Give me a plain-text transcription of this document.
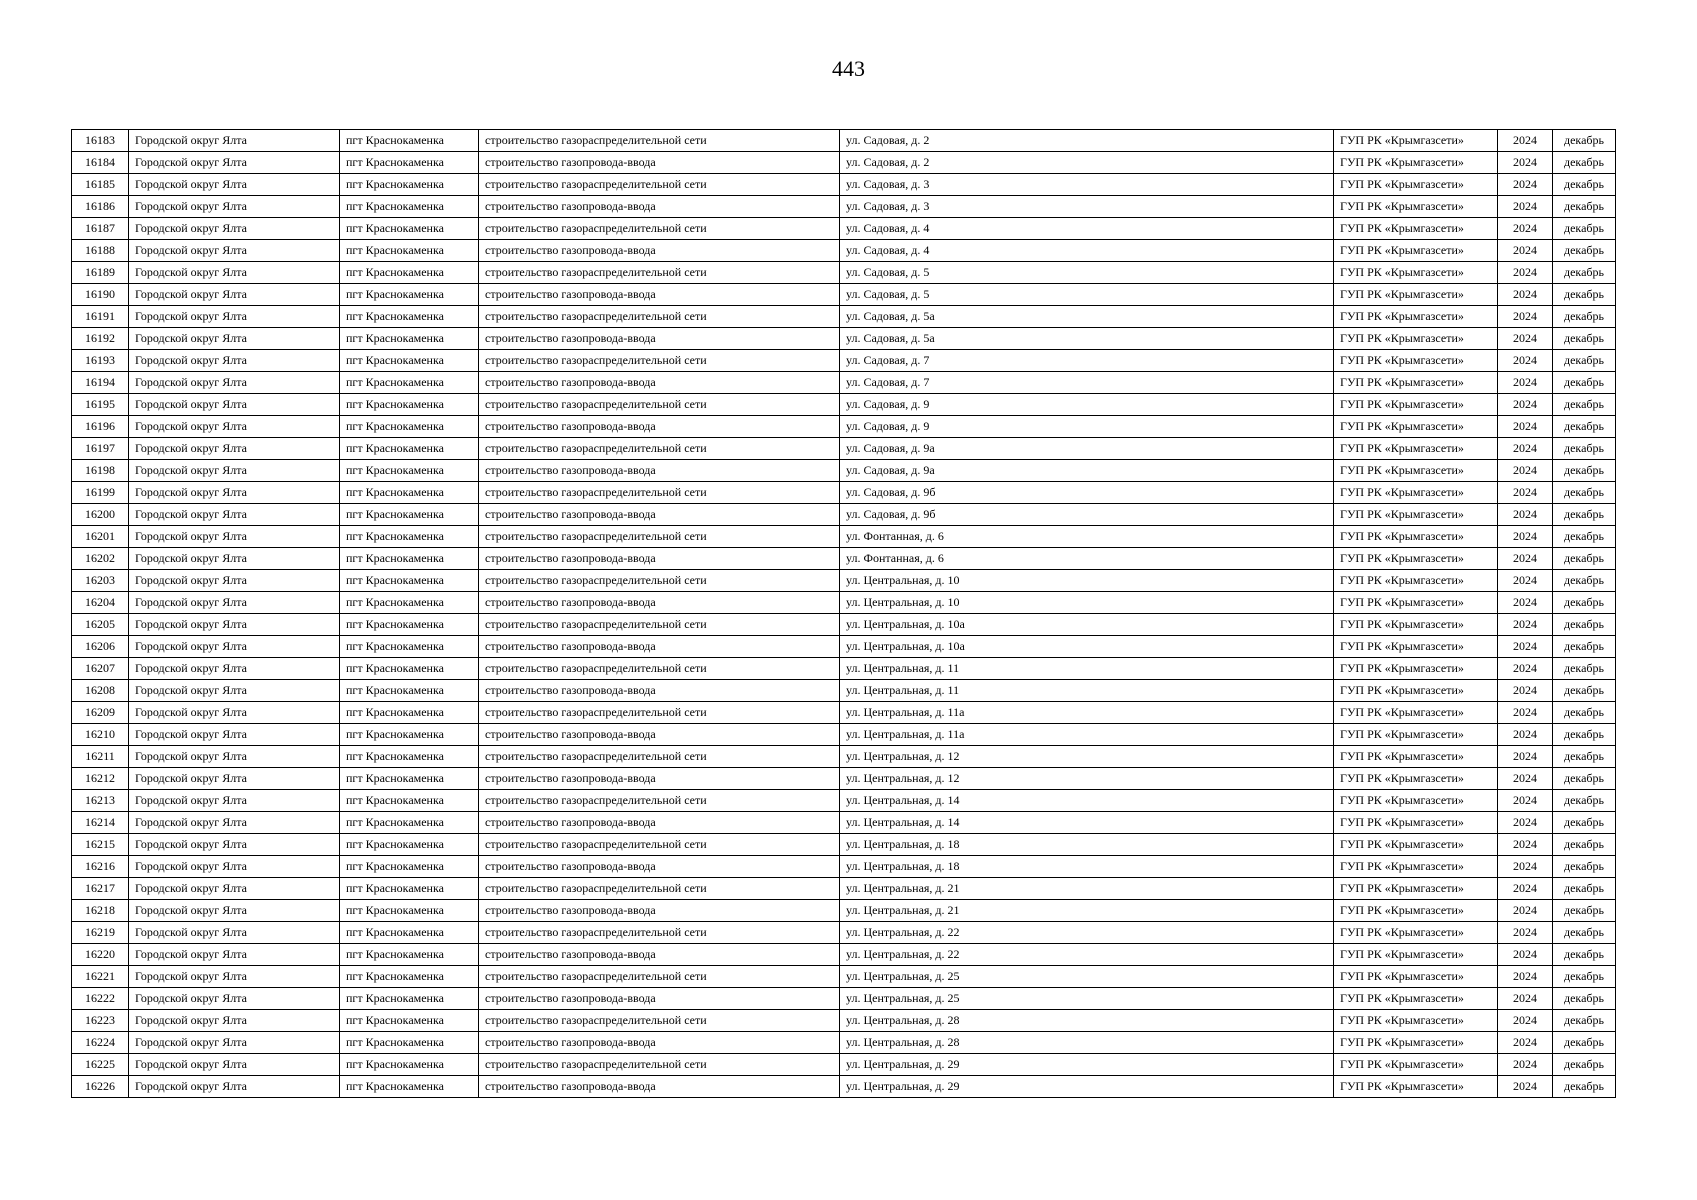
443
16183	Городской округ Ялта	пгт Краснокаменка	строительство газораспределительной сети	ул. Садовая, д. 2	ГУП РК «Крымгазсети»	2024	декабрь
16184	Городской округ Ялта	пгт Краснокаменка	строительство газопровода-ввода	ул. Садовая, д. 2	ГУП РК «Крымгазсети»	2024	декабрь
16185	Городской округ Ялта	пгт Краснокаменка	строительство газораспределительной сети	ул. Садовая, д. 3	ГУП РК «Крымгазсети»	2024	декабрь
16186	Городской округ Ялта	пгт Краснокаменка	строительство газопровода-ввода	ул. Садовая, д. 3	ГУП РК «Крымгазсети»	2024	декабрь
16187	Городской округ Ялта	пгт Краснокаменка	строительство газораспределительной сети	ул. Садовая, д. 4	ГУП РК «Крымгазсети»	2024	декабрь
16188	Городской округ Ялта	пгт Краснокаменка	строительство газопровода-ввода	ул. Садовая, д. 4	ГУП РК «Крымгазсети»	2024	декабрь
16189	Городской округ Ялта	пгт Краснокаменка	строительство газораспределительной сети	ул. Садовая, д. 5	ГУП РК «Крымгазсети»	2024	декабрь
16190	Городской округ Ялта	пгт Краснокаменка	строительство газопровода-ввода	ул. Садовая, д. 5	ГУП РК «Крымгазсети»	2024	декабрь
16191	Городской округ Ялта	пгт Краснокаменка	строительство газораспределительной сети	ул. Садовая, д. 5а	ГУП РК «Крымгазсети»	2024	декабрь
16192	Городской округ Ялта	пгт Краснокаменка	строительство газопровода-ввода	ул. Садовая, д. 5а	ГУП РК «Крымгазсети»	2024	декабрь
16193	Городской округ Ялта	пгт Краснокаменка	строительство газораспределительной сети	ул. Садовая, д. 7	ГУП РК «Крымгазсети»	2024	декабрь
16194	Городской округ Ялта	пгт Краснокаменка	строительство газопровода-ввода	ул. Садовая, д. 7	ГУП РК «Крымгазсети»	2024	декабрь
16195	Городской округ Ялта	пгт Краснокаменка	строительство газораспределительной сети	ул. Садовая, д. 9	ГУП РК «Крымгазсети»	2024	декабрь
16196	Городской округ Ялта	пгт Краснокаменка	строительство газопровода-ввода	ул. Садовая, д. 9	ГУП РК «Крымгазсети»	2024	декабрь
16197	Городской округ Ялта	пгт Краснокаменка	строительство газораспределительной сети	ул. Садовая, д. 9а	ГУП РК «Крымгазсети»	2024	декабрь
16198	Городской округ Ялта	пгт Краснокаменка	строительство газопровода-ввода	ул. Садовая, д. 9а	ГУП РК «Крымгазсети»	2024	декабрь
16199	Городской округ Ялта	пгт Краснокаменка	строительство газораспределительной сети	ул. Садовая, д. 9б	ГУП РК «Крымгазсети»	2024	декабрь
16200	Городской округ Ялта	пгт Краснокаменка	строительство газопровода-ввода	ул. Садовая, д. 9б	ГУП РК «Крымгазсети»	2024	декабрь
16201	Городской округ Ялта	пгт Краснокаменка	строительство газораспределительной сети	ул. Фонтанная, д. 6	ГУП РК «Крымгазсети»	2024	декабрь
16202	Городской округ Ялта	пгт Краснокаменка	строительство газопровода-ввода	ул. Фонтанная, д. 6	ГУП РК «Крымгазсети»	2024	декабрь
16203	Городской округ Ялта	пгт Краснокаменка	строительство газораспределительной сети	ул. Центральная, д. 10	ГУП РК «Крымгазсети»	2024	декабрь
16204	Городской округ Ялта	пгт Краснокаменка	строительство газопровода-ввода	ул. Центральная, д. 10	ГУП РК «Крымгазсети»	2024	декабрь
16205	Городской округ Ялта	пгт Краснокаменка	строительство газораспределительной сети	ул. Центральная, д. 10а	ГУП РК «Крымгазсети»	2024	декабрь
16206	Городской округ Ялта	пгт Краснокаменка	строительство газопровода-ввода	ул. Центральная, д. 10а	ГУП РК «Крымгазсети»	2024	декабрь
16207	Городской округ Ялта	пгт Краснокаменка	строительство газораспределительной сети	ул. Центральная, д. 11	ГУП РК «Крымгазсети»	2024	декабрь
16208	Городской округ Ялта	пгт Краснокаменка	строительство газопровода-ввода	ул. Центральная, д. 11	ГУП РК «Крымгазсети»	2024	декабрь
16209	Городской округ Ялта	пгт Краснокаменка	строительство газораспределительной сети	ул. Центральная, д. 11а	ГУП РК «Крымгазсети»	2024	декабрь
16210	Городской округ Ялта	пгт Краснокаменка	строительство газопровода-ввода	ул. Центральная, д. 11а	ГУП РК «Крымгазсети»	2024	декабрь
16211	Городской округ Ялта	пгт Краснокаменка	строительство газораспределительной сети	ул. Центральная, д. 12	ГУП РК «Крымгазсети»	2024	декабрь
16212	Городской округ Ялта	пгт Краснокаменка	строительство газопровода-ввода	ул. Центральная, д. 12	ГУП РК «Крымгазсети»	2024	декабрь
16213	Городской округ Ялта	пгт Краснокаменка	строительство газораспределительной сети	ул. Центральная, д. 14	ГУП РК «Крымгазсети»	2024	декабрь
16214	Городской округ Ялта	пгт Краснокаменка	строительство газопровода-ввода	ул. Центральная, д. 14	ГУП РК «Крымгазсети»	2024	декабрь
16215	Городской округ Ялта	пгт Краснокаменка	строительство газораспределительной сети	ул. Центральная, д. 18	ГУП РК «Крымгазсети»	2024	декабрь
16216	Городской округ Ялта	пгт Краснокаменка	строительство газопровода-ввода	ул. Центральная, д. 18	ГУП РК «Крымгазсети»	2024	декабрь
16217	Городской округ Ялта	пгт Краснокаменка	строительство газораспределительной сети	ул. Центральная, д. 21	ГУП РК «Крымгазсети»	2024	декабрь
16218	Городской округ Ялта	пгт Краснокаменка	строительство газопровода-ввода	ул. Центральная, д. 21	ГУП РК «Крымгазсети»	2024	декабрь
16219	Городской округ Ялта	пгт Краснокаменка	строительство газораспределительной сети	ул. Центральная, д. 22	ГУП РК «Крымгазсети»	2024	декабрь
16220	Городской округ Ялта	пгт Краснокаменка	строительство газопровода-ввода	ул. Центральная, д. 22	ГУП РК «Крымгазсети»	2024	декабрь
16221	Городской округ Ялта	пгт Краснокаменка	строительство газораспределительной сети	ул. Центральная, д. 25	ГУП РК «Крымгазсети»	2024	декабрь
16222	Городской округ Ялта	пгт Краснокаменка	строительство газопровода-ввода	ул. Центральная, д. 25	ГУП РК «Крымгазсети»	2024	декабрь
16223	Городской округ Ялта	пгт Краснокаменка	строительство газораспределительной сети	ул. Центральная, д. 28	ГУП РК «Крымгазсети»	2024	декабрь
16224	Городской округ Ялта	пгт Краснокаменка	строительство газопровода-ввода	ул. Центральная, д. 28	ГУП РК «Крымгазсети»	2024	декабрь
16225	Городской округ Ялта	пгт Краснокаменка	строительство газораспределительной сети	ул. Центральная, д. 29	ГУП РК «Крымгазсети»	2024	декабрь
16226	Городской округ Ялта	пгт Краснокаменка	строительство газопровода-ввода	ул. Центральная, д. 29	ГУП РК «Крымгазсети»	2024	декабрь
